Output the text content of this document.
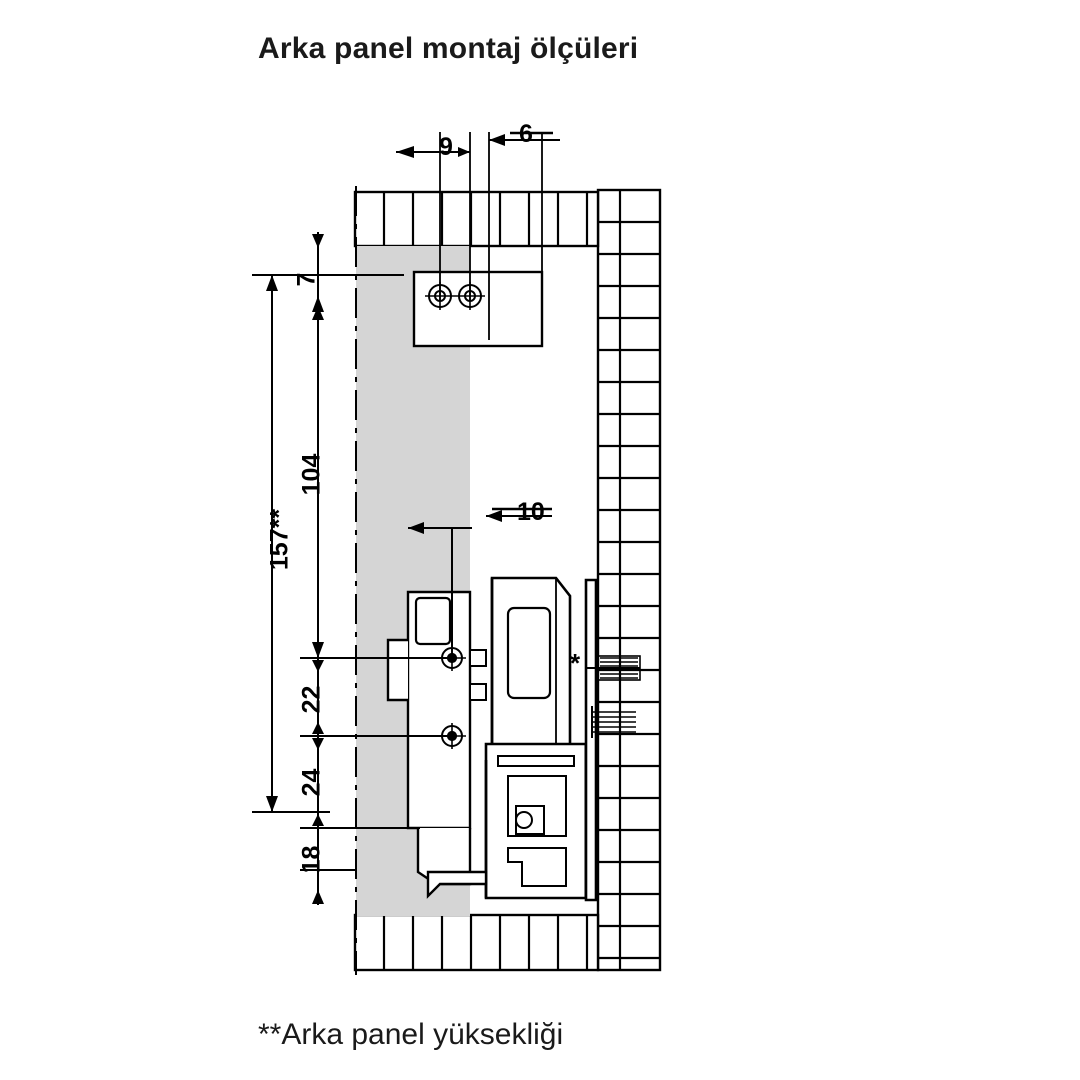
Arka panel montaj ölçüleri
9	6
7
157**
104
22
24
18
10
*
**Arka panel yüksekliği
